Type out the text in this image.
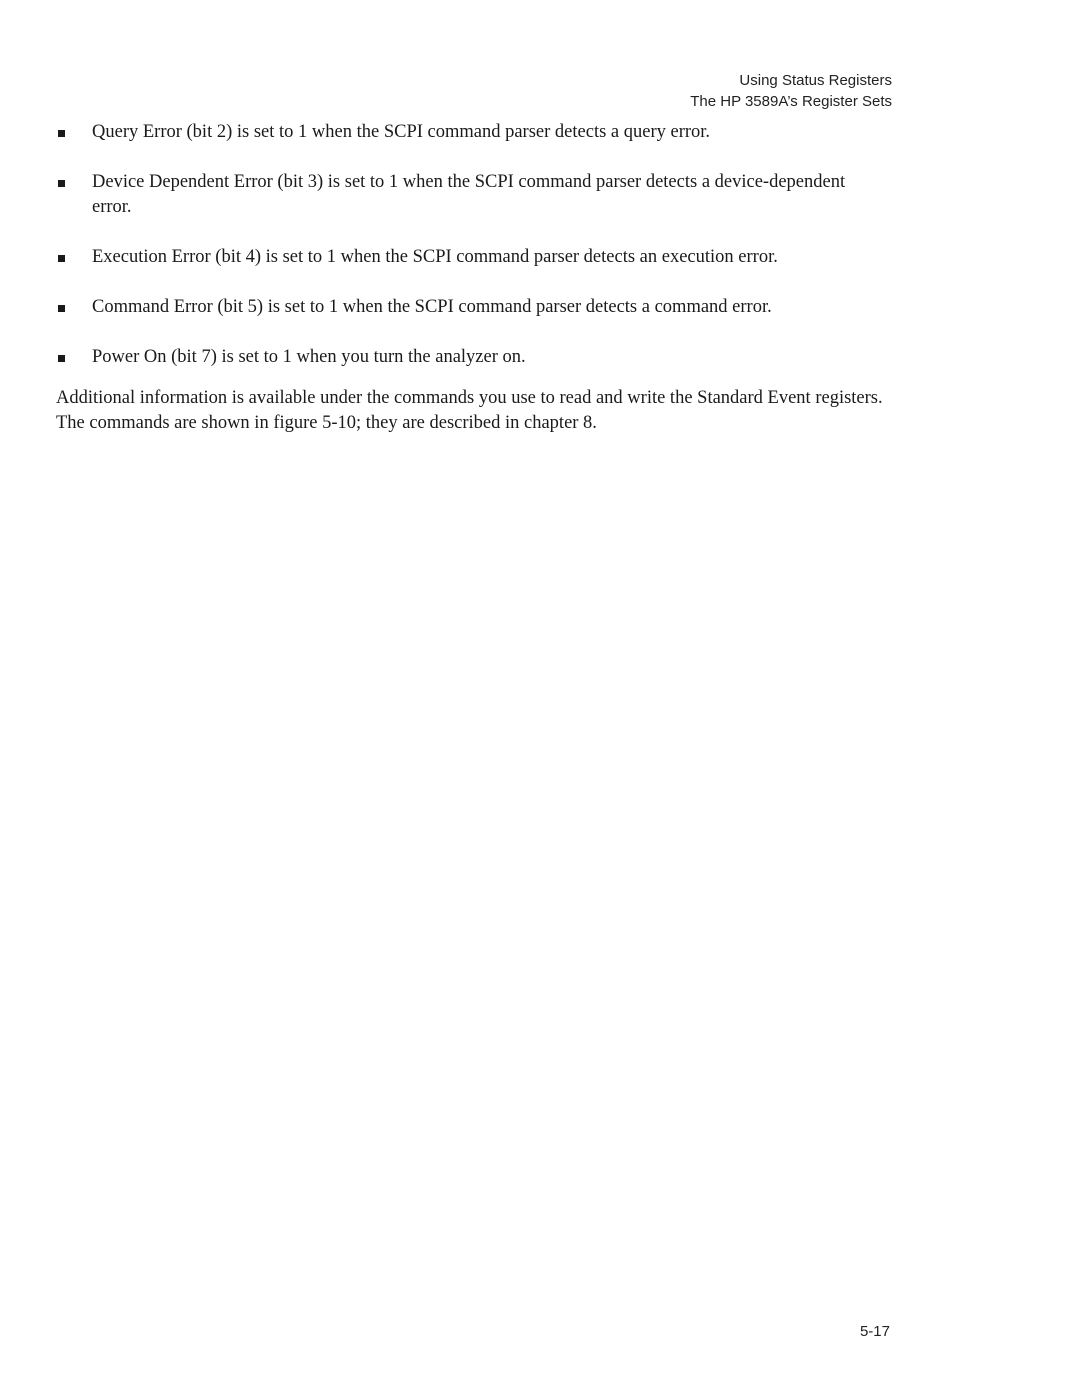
Using Status Registers
The HP 3589A’s Register Sets
Query Error (bit 2) is set to 1 when the SCPI command parser detects a query error.
Device Dependent Error (bit 3) is set to 1 when the SCPI command parser detects a device-dependent error.
Execution Error (bit 4) is set to 1 when the SCPI command parser detects an execution error.
Command Error (bit 5) is set to 1 when the SCPI command parser detects a command error.
Power On (bit 7) is set to 1 when you turn the analyzer on.

Additional information is available under the commands you use to read and write the Standard Event registers. The commands are shown in figure 5-10; they are described in chapter 8.

5-17
